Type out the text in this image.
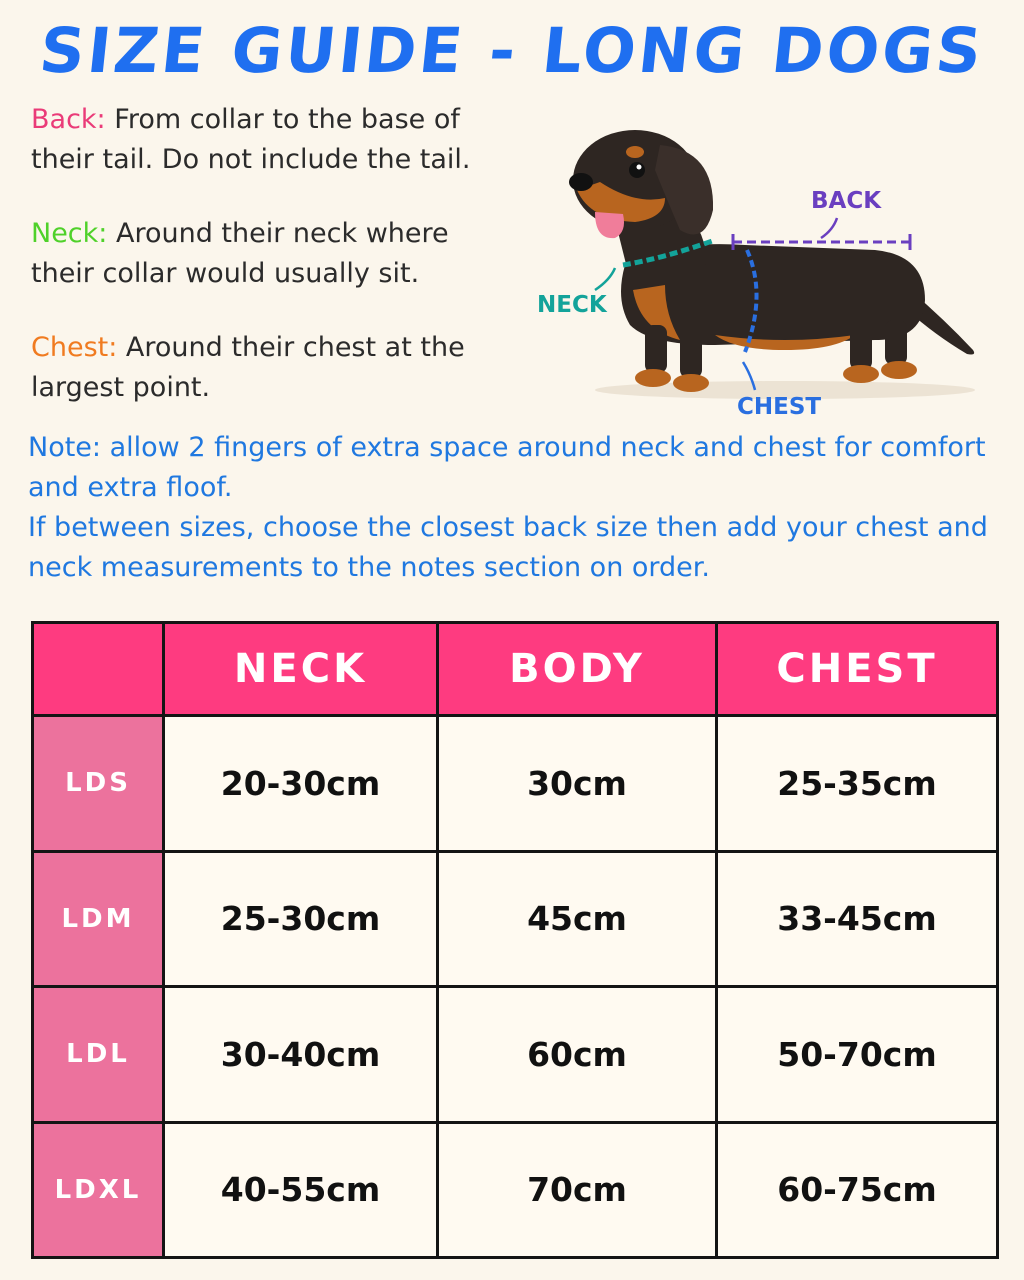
SIZE GUIDE - LONG DOGS
Back: From collar to the base of their tail. Do not include the tail.
Neck: Around their neck where their collar would usually sit.
Chest: Around their chest at the largest point.
BACK
NECK
CHEST

Note: allow 2 fingers of extra space around neck and chest for comfort and extra floof.

If between sizes, choose the closest back size then add your chest and neck measurements to the notes section on order.

	NECK	BODY	CHEST
LDS	20-30cm	30cm	25-35cm
LDM	25-30cm	45cm	33-45cm
LDL	30-40cm	60cm	50-70cm
LDXL	40-55cm	70cm	60-75cm
